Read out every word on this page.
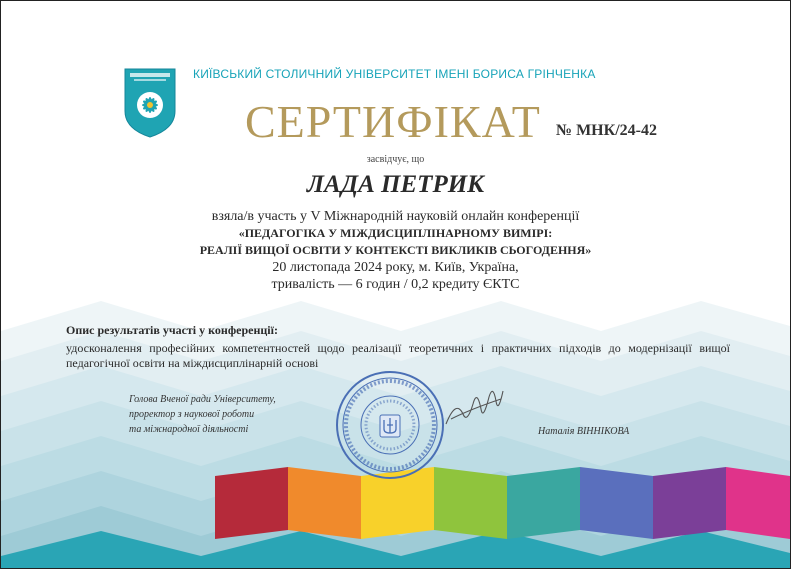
КИЇВСЬКИЙ СТОЛИЧНИЙ УНІВЕРСИТЕТ ІМЕНІ БОРИСА ГРІНЧЕНКА
СЕРТИФІКАТ № МНК/24-42
засвідчує, що
ЛАДА ПЕТРИК
взяла/в участь у V Міжнародній науковій онлайн конференції
«ПЕДАГОГІКА У МІЖДИСЦИПЛІНАРНОМУ ВИМІРІ:
РЕАЛІЇ ВИЩОЇ ОСВІТИ У КОНТЕКСТІ ВИКЛИКІВ СЬОГОДЕННЯ»
20 листопада 2024 року, м. Київ, Україна,
тривалість — 6 годин / 0,2 кредиту ЄКТС
Опис результатів участі у конференції:
удосконалення професійних компетентностей щодо реалізації теоретичних і практичних підходів до модернізації вищої педагогічної освіти на міждисциплінарній основі
Голова Вченої ради Університету,
проректор з наукової роботи
та міжнародної діяльності	Наталія ВІННІКОВА
